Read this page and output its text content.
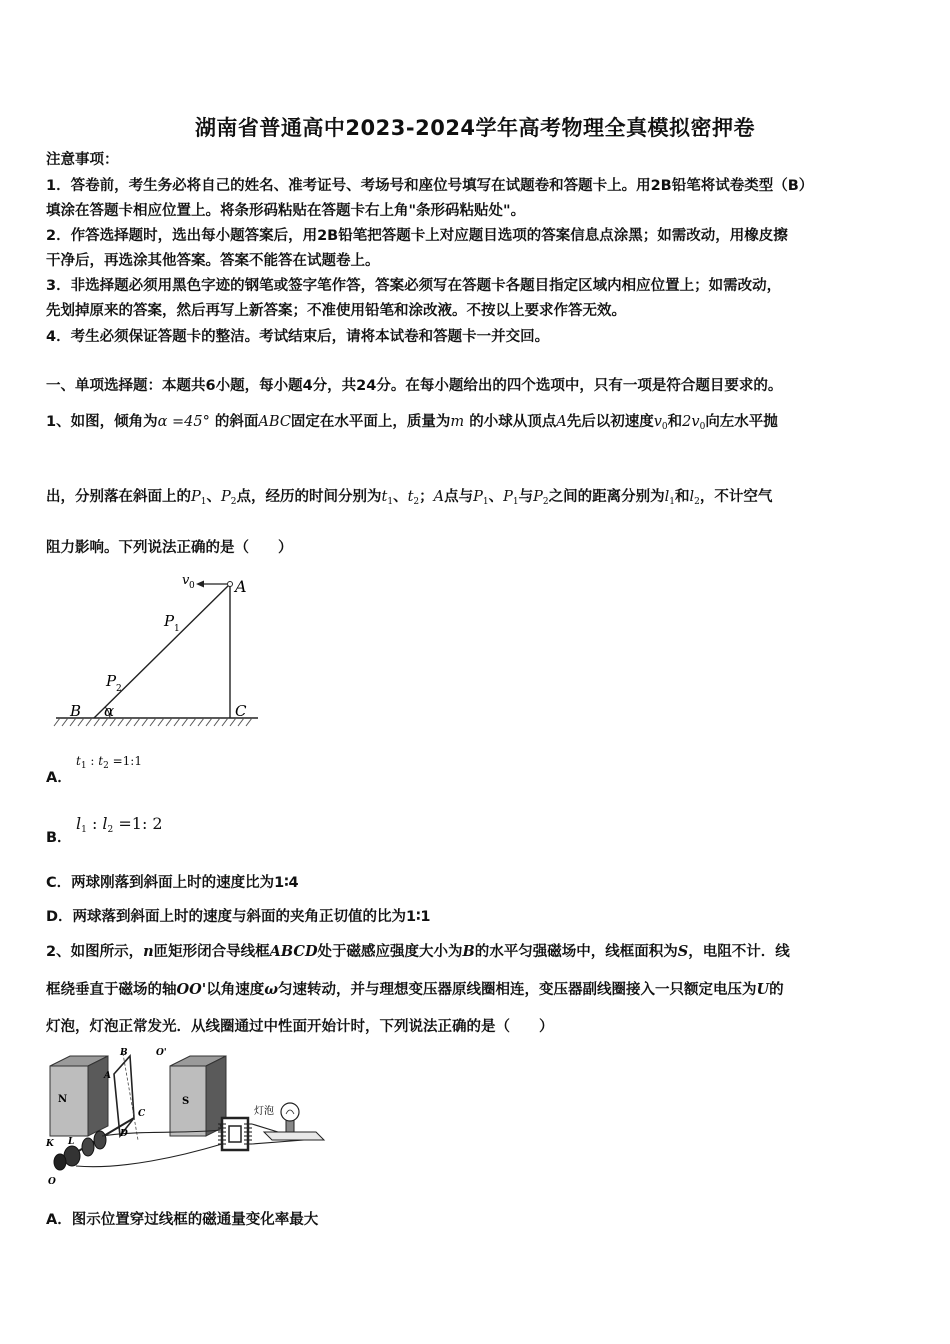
湖南省普通高中2023-2024学年高考物理全真模拟密押卷
注意事项：
1．答卷前，考生务必将自己的姓名、准考证号、考场号和座位号填写在试题卷和答题卡上。用2B铅笔将试卷类型（B）
填涂在答题卡相应位置上。将条形码粘贴在答题卡右上角"条形码粘贴处"。
2．作答选择题时，选出每小题答案后，用2B铅笔把答题卡上对应题目选项的答案信息点涂黑；如需改动，用橡皮擦
干净后，再选涂其他答案。答案不能答在试题卷上。
3．非选择题必须用黑色字迹的钢笔或签字笔作答，答案必须写在答题卡各题目指定区域内相应位置上；如需改动，
先划掉原来的答案，然后再写上新答案；不准使用铅笔和涂改液。不按以上要求作答无效。
4．考生必须保证答题卡的整洁。考试结束后，请将本试卷和答题卡一并交回。
一、单项选择题：本题共6小题，每小题4分，共24分。在每小题给出的四个选项中，只有一项是符合题目要求的。
1、如图，倾角为α =45° 的斜面ABC固定在水平面上，质量为m 的小球从顶点A先后以初速度$v_0$和$2v_0$向左水平抛
出，分别落在斜面上的$P_1$、$P_2$点，经历的时间分别为$t_1$、$t_2$；A点与$P_1$、$P_1$与$P_2$之间的距离分别为$l_1$和$l_2$，不计空气
阻力影响。下列说法正确的是（　　）
v 0	A
P 1
P 2
B α	C
A．
$t_1$ : $t_2$ =1:1
B．
$l_1$ : $l_2 =1$: 2
C．两球刚落到斜面上时的速度比为1∶4
D．两球落到斜面上时的速度与斜面的夹角正切值的比为1∶1
2、如图所示，n匝矩形闭合导线框ABCD处于磁感应强度大小为B的水平匀强磁场中，线框面积为S，电阻不计．线
框绕垂直于磁场的轴OO'以角速度ω匀速转动，并与理想变压器原线圈相连，变压器副线圈接入一只额定电压为U的
灯泡，灯泡正常发光．从线圈通过中性面开始计时，下列说法正确的是（　　）
N	S
A
B
C
D
O'
K L
O
灯泡
A．图示位置穿过线框的磁通量变化率最大
